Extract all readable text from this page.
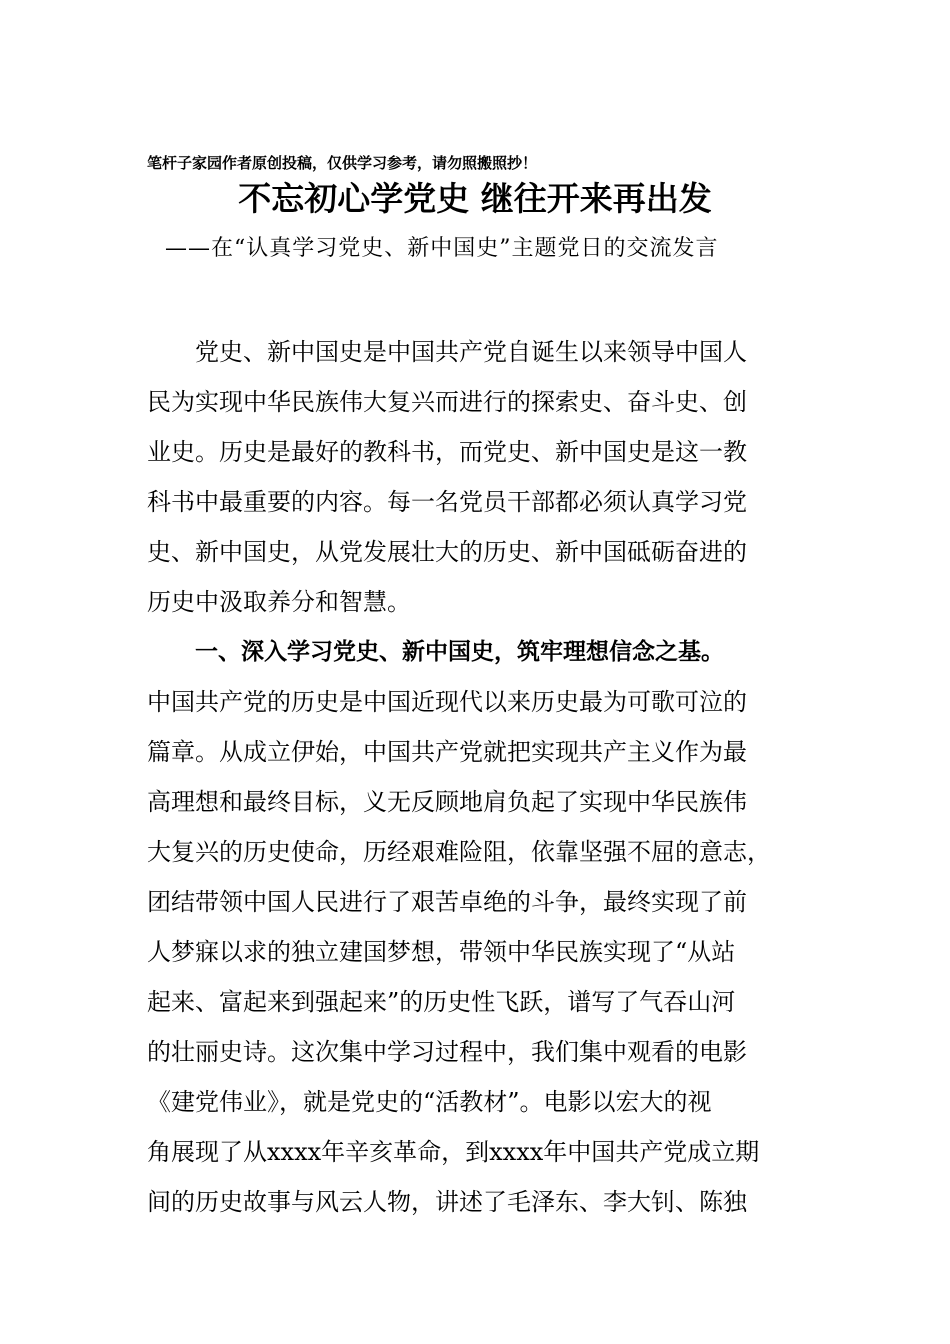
笔杆子家园作者原创投稿，仅供学习参考，请勿照搬照抄！
不忘初心学党史 继往开来再出发
——在“认真学习党史、新中国史”主题党日的交流发言
党史、新中国史是中国共产党自诞生以来领导中国人
民为实现中华民族伟大复兴而进行的探索史、奋斗史、创
业史。历史是最好的教科书，而党史、新中国史是这一教
科书中最重要的内容。每一名党员干部都必须认真学习党
史、新中国史，从党发展壮大的历史、新中国砥砺奋进的
历史中汲取养分和智慧。
一、深入学习党史、新中国史，筑牢理想信念之基。
中国共产党的历史是中国近现代以来历史最为可歌可泣的
篇章。从成立伊始，中国共产党就把实现共产主义作为最
高理想和最终目标，义无反顾地肩负起了实现中华民族伟
大复兴的历史使命，历经艰难险阻，依靠坚强不屈的意志，
团结带领中国人民进行了艰苦卓绝的斗争，最终实现了前
人梦寐以求的独立建国梦想，带领中华民族实现了“从站
起来、富起来到强起来”的历史性飞跃，谱写了气吞山河
的壮丽史诗。这次集中学习过程中，我们集中观看的电影
《建党伟业》，就是党史的“活教材”。电影以宏大的视
角展现了从xxxx年辛亥革命，到xxxx年中国共产党成立期
间的历史故事与风云人物，讲述了毛泽东、李大钊、陈独
